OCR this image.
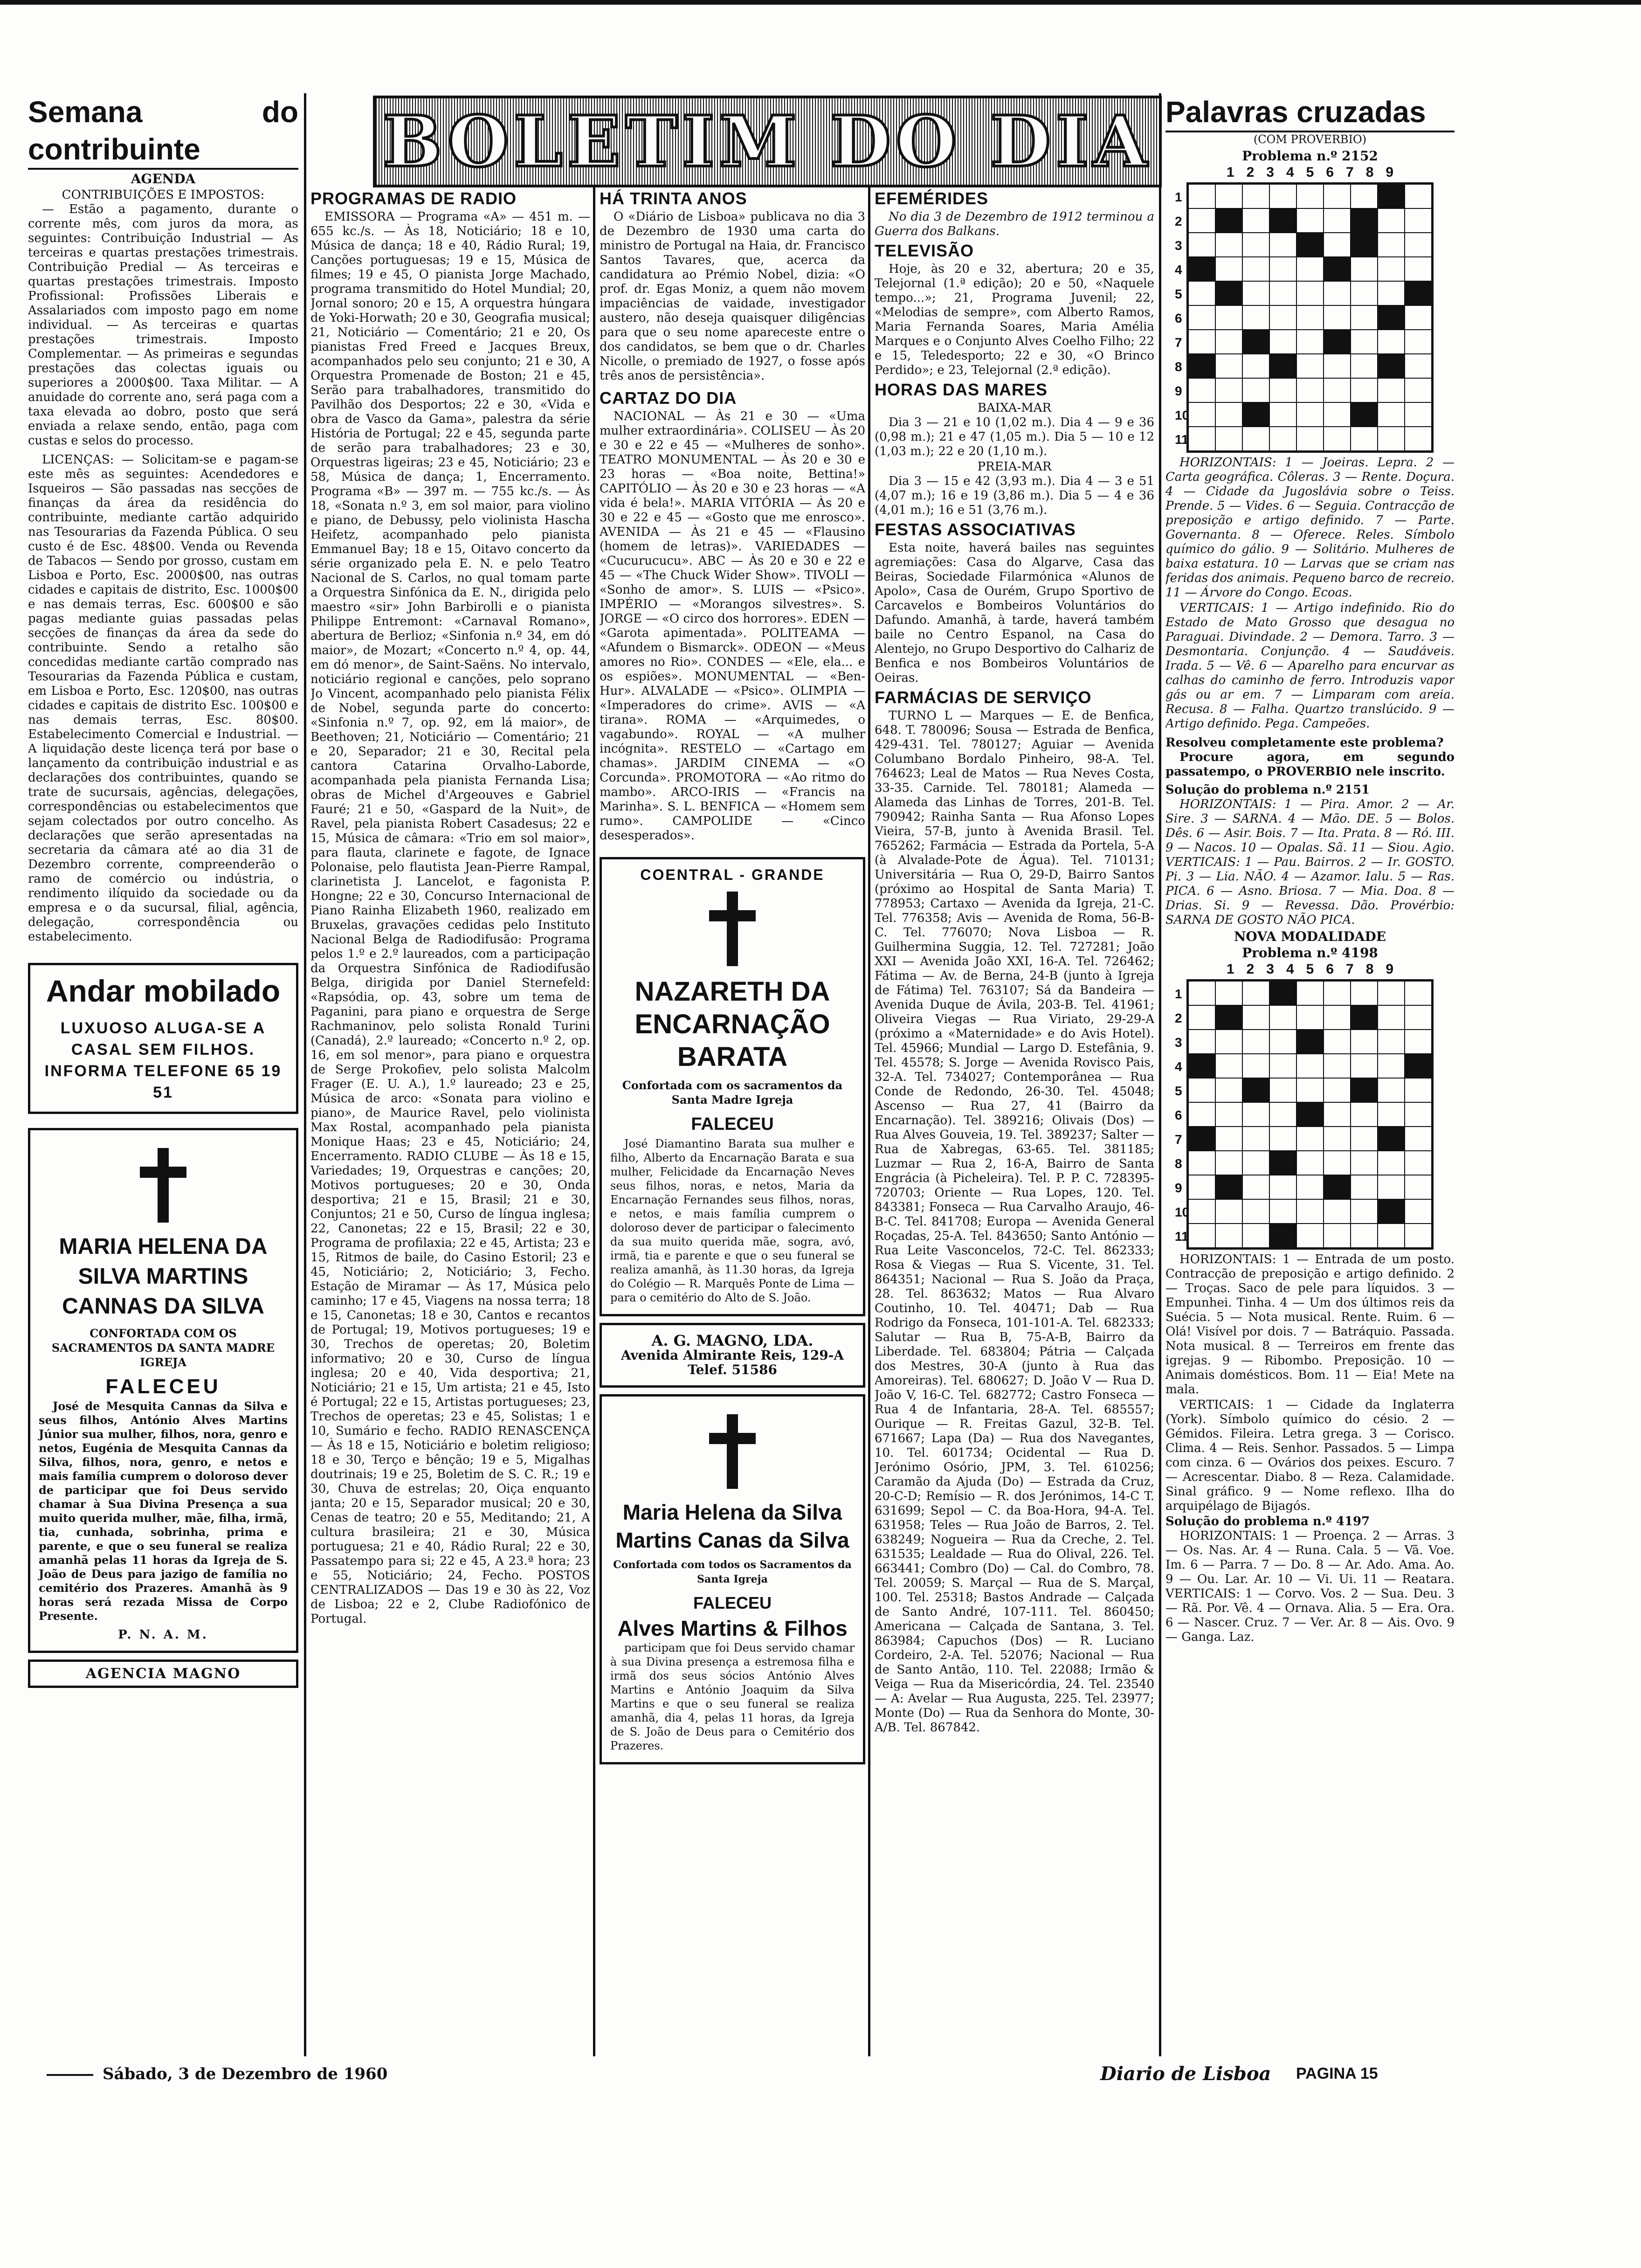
Semana do contribuinte
AGENDA
CONTRIBUIÇÕES E IMPOSTOS:

— Estão a pagamento, durante o corrente mês, com juros da mora, as seguintes: Contribuição Industrial — As terceiras e quartas prestações trimestrais. Contribuição Predial — As terceiras e quartas prestações trimestrais. Imposto Profissional: Profissões Liberais e Assalariados com imposto pago em nome individual. — As terceiras e quartas prestações trimestrais. Imposto Complementar. — As primeiras e segundas prestações das colectas iguais ou superiores a 2000$00. Taxa Militar. — A anuidade do corrente ano, será paga com a taxa elevada ao dobro, posto que será enviada a relaxe sendo, então, paga com custas e selos do processo.

LICENÇAS: — Solicitam-se e pagam-se este mês as seguintes: Acendedores e Isqueiros — São passadas nas secções de finanças da área da residência do contribuinte, mediante cartão adquirido nas Tesourarias da Fazenda Pública. O seu custo é de Esc. 48$00. Venda ou Revenda de Tabacos — Sendo por grosso, custam em Lisboa e Porto, Esc. 2000$00, nas outras cidades e capitais de distrito, Esc. 1000$00 e nas demais terras, Esc. 600$00 e são pagas mediante guias passadas pelas secções de finanças da área da sede do contribuinte. Sendo a retalho são concedidas mediante cartão comprado nas Tesourarias da Fazenda Pública e custam, em Lisboa e Porto, Esc. 120$00, nas outras cidades e capitais de distrito Esc. 100$00 e nas demais terras, Esc. 80$00. Estabelecimento Comercial e Industrial. — A liquidação deste licença terá por base o lançamento da contribuição industrial e as declarações dos contribuintes, quando se trate de sucursais, agências, delegações, correspondências ou estabelecimentos que sejam colectados por outro concelho. As declarações que serão apresentadas na secretaria da câmara até ao dia 31 de Dezembro corrente, compreenderão o ramo de comércio ou indústria, o rendimento ilíquido da sociedade ou da empresa e o da sucursal, filial, agência, delegação, correspondência ou estabelecimento.

Andar mobilado
LUXUOSO ALUGA-SE A CASAL SEM FILHOS. INFORMA TELEFONE 65 19 51
MARIA HELENA DA SILVA MARTINS CANNAS DA SILVA
CONFORTADA COM OS SACRAMENTOS DA SANTA MADRE IGREJA
FALECEU

José de Mesquita Cannas da Silva e seus filhos, António Alves Martins Júnior sua mulher, filhos, nora, genro e netos, Eugénia de Mesquita Cannas da Silva, filhos, nora, genro, e netos e mais família cumprem o doloroso dever de participar que foi Deus servido chamar à Sua Divina Presença a sua muito querida mulher, mãe, filha, irmã, tia, cunhada, sobrinha, prima e parente, e que o seu funeral se realiza amanhã pelas 11 horas da Igreja de S. João de Deus para jazigo de família no cemitério dos Prazeres. Amanhã às 9 horas será rezada Missa de Corpo Presente.

P. N. A. M.
AGENCIA MAGNO
BOLETIM DO DIA
PROGRAMAS DE RADIO

EMISSORA — Programa «A» — 451 m. — 655 kc./s. — Às 18, Noticiário; 18 e 10, Música de dança; 18 e 40, Rádio Rural; 19, Canções portuguesas; 19 e 15, Música de filmes; 19 e 45, O pianista Jorge Machado, programa transmitido do Hotel Mundial; 20, Jornal sonoro; 20 e 15, A orquestra húngara de Yoki-Horwath; 20 e 30, Geografia musical; 21, Noticiário — Comentário; 21 e 20, Os pianistas Fred Freed e Jacques Breux, acompanhados pelo seu conjunto; 21 e 30, A Orquestra Promenade de Boston; 21 e 45, Serão para trabalhadores, transmitido do Pavilhão dos Desportos; 22 e 30, «Vida e obra de Vasco da Gama», palestra da série História de Portugal; 22 e 45, segunda parte de serão para trabalhadores; 23 e 30, Orquestras ligeiras; 23 e 45, Noticiário; 23 e 58, Música de dança; 1, Encerramento. Programa «B» — 397 m. — 755 kc./s. — Às 18, «Sonata n.º 3, em sol maior, para violino e piano, de Debussy, pelo violinista Hascha Heifetz, acompanhado pelo pianista Emmanuel Bay; 18 e 15, Oitavo concerto da série organizado pela E. N. e pelo Teatro Nacional de S. Carlos, no qual tomam parte a Orquestra Sinfónica da E. N., dirigida pelo maestro «sir» John Barbirolli e o pianista Philippe Entremont: «Carnaval Romano», abertura de Berlioz; «Sinfonia n.º 34, em dó maior», de Mozart; «Concerto n.º 4, op. 44, em dó menor», de Saint-Saëns. No intervalo, noticiário regional e canções, pelo soprano Jo Vincent, acompanhado pelo pianista Félix de Nobel, segunda parte do concerto: «Sinfonia n.º 7, op. 92, em lá maior», de Beethoven; 21, Noticiário — Comentário; 21 e 20, Separador; 21 e 30, Recital pela cantora Catarina Orvalho-Laborde, acompanhada pela pianista Fernanda Lisa; obras de Michel d'Argeouves e Gabriel Fauré; 21 e 50, «Gaspard de la Nuit», de Ravel, pela pianista Robert Casadesus; 22 e 15, Música de câmara: «Trio em sol maior», para flauta, clarinete e fagote, de Ignace Polonaise, pelo flautista Jean-Pierre Rampal, clarinetista J. Lancelot, e fagonista P. Hongne; 22 e 30, Concurso Internacional de Piano Rainha Elizabeth 1960, realizado em Bruxelas, gravações cedidas pelo Instituto Nacional Belga de Radiodifusão: Programa pelos 1.º e 2.º laureados, com a participação da Orquestra Sinfónica de Radiodifusão Belga, dirigida por Daniel Sternefeld: «Rapsódia, op. 43, sobre um tema de Paganini, para piano e orquestra de Serge Rachmaninov, pelo solista Ronald Turini (Canadá), 2.º laureado; «Concerto n.º 2, op. 16, em sol menor», para piano e orquestra de Serge Prokofiev, pelo solista Malcolm Frager (E. U. A.), 1.º laureado; 23 e 25, Música de arco: «Sonata para violino e piano», de Maurice Ravel, pelo violinista Max Rostal, acompanhado pela pianista Monique Haas; 23 e 45, Noticiário; 24, Encerramento. RADIO CLUBE — Às 18 e 15, Variedades; 19, Orquestras e canções; 20, Motivos portugueses; 20 e 30, Onda desportiva; 21 e 15, Brasil; 21 e 30, Conjuntos; 21 e 50, Curso de língua inglesa; 22, Canonetas; 22 e 15, Brasil; 22 e 30, Programa de profilaxia; 22 e 45, Artista; 23 e 15, Ritmos de baile, do Casino Estoril; 23 e 45, Noticiário; 2, Noticiário; 3, Fecho. Estação de Miramar — Às 17, Música pelo caminho; 17 e 45, Viagens na nossa terra; 18 e 15, Canonetas; 18 e 30, Cantos e recantos de Portugal; 19, Motivos portugueses; 19 e 30, Trechos de operetas; 20, Boletim informativo; 20 e 30, Curso de língua inglesa; 20 e 40, Vida desportiva; 21, Noticiário; 21 e 15, Um artista; 21 e 45, Isto é Portugal; 22 e 15, Artistas portugueses; 23, Trechos de operetas; 23 e 45, Solistas; 1 e 10, Sumário e fecho. RADIO RENASCENÇA — Às 18 e 15, Noticiário e boletim religioso; 18 e 30, Terço e bênção; 19 e 5, Migalhas doutrinais; 19 e 25, Boletim de S. C. R.; 19 e 30, Chuva de estrelas; 20, Oiça enquanto janta; 20 e 15, Separador musical; 20 e 30, Cenas de teatro; 20 e 55, Meditando; 21, A cultura brasileira; 21 e 30, Música portuguesa; 21 e 40, Rádio Rural; 22 e 30, Passatempo para si; 22 e 45, A 23.ª hora; 23 e 55, Noticiário; 24, Fecho. POSTOS CENTRALIZADOS — Das 19 e 30 às 22, Voz de Lisboa; 22 e 2, Clube Radiofónico de Portugal.

HÁ TRINTA ANOS

O «Diário de Lisboa» publicava no dia 3 de Dezembro de 1930 uma carta do ministro de Portugal na Haia, dr. Francisco Santos Tavares, que, acerca da candidatura ao Prémio Nobel, dizia: «O prof. dr. Egas Moniz, a quem não movem impaciências de vaidade, investigador austero, não deseja quaisquer diligências para que o seu nome apareceste entre o dos candidatos, se bem que o dr. Charles Nicolle, o premiado de 1927, o fosse após três anos de persistência».

CARTAZ DO DIA

NACIONAL — Às 21 e 30 — «Uma mulher extraordinária». COLISEU — Às 20 e 30 e 22 e 45 — «Mulheres de sonho». TEATRO MONUMENTAL — Às 20 e 30 e 23 horas — «Boa noite, Bettina!» CAPITÓLIO — Às 20 e 30 e 23 horas — «A vida é bela!». MARIA VITÓRIA — Às 20 e 30 e 22 e 45 — «Gosto que me enrosco». AVENIDA — Às 21 e 45 — «Flausino (homem de letras)». VARIEDADES — «Cucurucucu». ABC — Às 20 e 30 e 22 e 45 — «The Chuck Wider Show». TIVOLI — «Sonho de amor». S. LUIS — «Psico». IMPÉRIO — «Morangos silvestres». S. JORGE — «O circo dos horrores». EDEN — «Garota apimentada». POLITEAMA — «Afundem o Bismarck». ODEON — «Meus amores no Rio». CONDES — «Ele, ela... e os espiões». MONUMENTAL — «Ben-Hur». ALVALADE — «Psico». OLIMPIA — «Imperadores do crime». AVIS — «A tirana». ROMA — «Arquimedes, o vagabundo». ROYAL — «A mulher incógnita». RESTELO — «Cartago em chamas». JARDIM CINEMA — «O Corcunda». PROMOTORA — «Ao ritmo do mambo». ARCO-IRIS — «Francis na Marinha». S. L. BENFICA — «Homem sem rumo». CAMPOLIDE — «Cinco desesperados».

COENTRAL - GRANDE
NAZARETH DA ENCARNAÇÃO BARATA
Confortada com os sacramentos da Santa Madre Igreja
FALECEU

José Diamantino Barata sua mulher e filho, Alberto da Encarnação Barata e sua mulher, Felicidade da Encarnação Neves seus filhos, noras, e netos, Maria da Encarnação Fernandes seus filhos, noras, e netos, e mais família cumprem o doloroso dever de participar o falecimento da sua muito querida mãe, sogra, avó, irmã, tia e parente e que o seu funeral se realiza amanhã, às 11.30 horas, da Igreja do Colégio — R. Marquês Ponte de Lima — para o cemitério do Alto de S. João.

A. G. MAGNO, LDA.
Avenida Almirante Reis, 129-A
Telef. 51586
Maria Helena da Silva Martins Canas da Silva
Confortada com todos os Sacramentos da Santa Igreja
FALECEU
Alves Martins & Filhos

participam que foi Deus servido chamar à sua Divina presença a estremosa filha e irmã dos seus sócios António Alves Martins e António Joaquim da Silva Martins e que o seu funeral se realiza amanhã, dia 4, pelas 11 horas, da Igreja de S. João de Deus para o Cemitério dos Prazeres.

EFEMÉRIDES

No dia 3 de Dezembro de 1912 terminou a Guerra dos Balkans.

TELEVISÃO

Hoje, às 20 e 32, abertura; 20 e 35, Telejornal (1.ª edição); 20 e 50, «Naquele tempo...»; 21, Programa Juvenil; 22, «Melodias de sempre», com Alberto Ramos, Maria Fernanda Soares, Maria Amélia Marques e o Conjunto Alves Coelho Filho; 22 e 15, Teledesporto; 22 e 30, «O Brinco Perdido»; e 23, Telejornal (2.ª edição).

HORAS DAS MARES
BAIXA-MAR

Dia 3 — 21 e 10 (1,02 m.). Dia 4 — 9 e 36 (0,98 m.); 21 e 47 (1,05 m.). Dia 5 — 10 e 12 (1,03 m.); 22 e 20 (1,10 m.).

PREIA-MAR

Dia 3 — 15 e 42 (3,93 m.). Dia 4 — 3 e 51 (4,07 m.); 16 e 19 (3,86 m.). Dia 5 — 4 e 36 (4,01 m.); 16 e 51 (3,76 m.).

FESTAS ASSOCIATIVAS

Esta noite, haverá bailes nas seguintes agremiações: Casa do Algarve, Casa das Beiras, Sociedade Filarmónica «Alunos de Apolo», Casa de Ourém, Grupo Sportivo de Carcavelos e Bombeiros Voluntários do Dafundo. Amanhã, à tarde, haverá também baile no Centro Espanol, na Casa do Alentejo, no Grupo Desportivo do Calhariz de Benfica e nos Bombeiros Voluntários de Oeiras.

FARMÁCIAS DE SERVIÇO

TURNO L — Marques — E. de Benfica, 648. T. 780096; Sousa — Estrada de Benfica, 429-431. Tel. 780127; Aguiar — Avenida Columbano Bordalo Pinheiro, 98-A. Tel. 764623; Leal de Matos — Rua Neves Costa, 33-35. Carnide. Tel. 780181; Alameda — Alameda das Linhas de Torres, 201-B. Tel. 790942; Rainha Santa — Rua Afonso Lopes Vieira, 57-B, junto à Avenida Brasil. Tel. 765262; Farmácia — Estrada da Portela, 5-A (à Alvalade-Pote de Água). Tel. 710131; Universitária — Rua O, 29-D, Bairro Santos (próximo ao Hospital de Santa Maria) T. 778953; Cartaxo — Avenida da Igreja, 21-C. Tel. 776358; Avis — Avenida de Roma, 56-B-C. Tel. 776070; Nova Lisboa — R. Guilhermina Suggia, 12. Tel. 727281; João XXI — Avenida João XXI, 16-A. Tel. 726462; Fátima — Av. de Berna, 24-B (junto à Igreja de Fátima) Tel. 763107; Sá da Bandeira — Avenida Duque de Ávila, 203-B. Tel. 41961; Oliveira Viegas — Rua Viriato, 29-29-A (próximo a «Maternidade» e do Avis Hotel). Tel. 45966; Mundial — Largo D. Estefânia, 9. Tel. 45578; S. Jorge — Avenida Rovisco Pais, 32-A. Tel. 734027; Contemporânea — Rua Conde de Redondo, 26-30. Tel. 45048; Ascenso — Rua 27, 41 (Bairro da Encarnação). Tel. 389216; Olivais (Dos) — Rua Alves Gouveia, 19. Tel. 389237; Salter — Rua de Xabregas, 63-65. Tel. 381185; Luzmar — Rua 2, 16-A, Bairro de Santa Engrácia (à Picheleira). Tel. P. P. C. 728395-720703; Oriente — Rua Lopes, 120. Tel. 843381; Fonseca — Rua Carvalho Araujo, 46-B-C. Tel. 841708; Europa — Avenida General Roçadas, 25-A. Tel. 843650; Santo António — Rua Leite Vasconcelos, 72-C. Tel. 862333; Rosa & Viegas — Rua S. Vicente, 31. Tel. 864351; Nacional — Rua S. João da Praça, 28. Tel. 863632; Matos — Rua Alvaro Coutinho, 10. Tel. 40471; Dab — Rua Rodrigo da Fonseca, 101-101-A. Tel. 682333; Salutar — Rua B, 75-A-B, Bairro da Liberdade. Tel. 683804; Pátria — Calçada dos Mestres, 30-A (junto à Rua das Amoreiras). Tel. 680627; D. João V — Rua D. João V, 16-C. Tel. 682772; Castro Fonseca — Rua 4 de Infantaria, 28-A. Tel. 685557; Ourique — R. Freitas Gazul, 32-B. Tel. 671667; Lapa (Da) — Rua dos Navegantes, 10. Tel. 601734; Ocidental — Rua D. Jerónimo Osório, JPM, 3. Tel. 610256; Caramão da Ajuda (Do) — Estrada da Cruz, 20-C-D; Remísio — R. dos Jerónimos, 14-C T. 631699; Sepol — C. da Boa-Hora, 94-A. Tel. 631958; Teles — Rua João de Barros, 2. Tel. 638249; Nogueira — Rua da Creche, 2. Tel. 631535; Lealdade — Rua do Olival, 226. Tel. 663441; Combro (Do) — Cal. do Combro, 78. Tel. 20059; S. Marçal — Rua de S. Marçal, 100. Tel. 25318; Bastos Andrade — Calçada de Santo André, 107-111. Tel. 860450; Americana — Calçada de Santana, 3. Tel. 863984; Capuchos (Dos) — R. Luciano Cordeiro, 2-A. Tel. 52076; Nacional — Rua de Santo Antão, 110. Tel. 22088; Irmão & Veiga — Rua da Misericórdia, 24. Tel. 23540 — A: Avelar — Rua Augusta, 225. Tel. 23977; Monte (Do) — Rua da Senhora do Monte, 30-A/B. Tel. 867842.

Palavras cruzadas
(COM PROVERBIO)
Problema n.º 2152
1 2 3 4 5 6 7 8 9
1
2
3
4
5
6
7
8
9
10
11

HORIZONTAIS: 1 — Joeiras. Lepra. 2 — Carta geográfica. Côleras. 3 — Rente. Doçura. 4 — Cidade da Jugoslávia sobre o Teiss. Prende. 5 — Vides. 6 — Seguia. Contracção de preposição e artigo definido. 7 — Parte. Governanta. 8 — Oferece. Reles. Símbolo químico do gálio. 9 — Solitário. Mulheres de baixa estatura. 10 — Larvas que se criam nas feridas dos animais. Pequeno barco de recreio. 11 — Árvore do Congo. Ecoas.

VERTICAIS: 1 — Artigo indefinido. Rio do Estado de Mato Grosso que desagua no Paraguai. Divindade. 2 — Demora. Tarro. 3 — Desmontaria. Conjunção. 4 — Saudáveis. Irada. 5 — Vê. 6 — Aparelho para encurvar as calhas do caminho de ferro. Introduzis vapor gás ou ar em. 7 — Limparam com areia. Recusa. 8 — Falha. Quartzo translúcido. 9 — Artigo definido. Pega. Campeões.

Resolveu completamente este problema?

Procure agora, em segundo passatempo, o PROVERBIO nele inscrito.

Solução do problema n.º 2151

HORIZONTAIS: 1 — Pira. Amor. 2 — Ar. Sire. 3 — SARNA. 4 — Mão. DE. 5 — Bolos. Dês. 6 — Asir. Bois. 7 — Ita. Prata. 8 — Ró. III. 9 — Nacos. 10 — Opalas. Sã. 11 — Siou. Agio. VERTICAIS: 1 — Pau. Bairros. 2 — Ir. GOSTO. Pi. 3 — Lia. NÃO. 4 — Azamor. Ialu. 5 — Ras. PICA. 6 — Asno. Briosa. 7 — Mia. Doa. 8 — Drias. Si. 9 — Revessa. Dão. Provérbio: SARNA DE GOSTO NÃO PICA.

NOVA MODALIDADE
Problema n.º 4198
1 2 3 4 5 6 7 8 9
1
2
3
4
5
6
7
8
9
10
11

HORIZONTAIS: 1 — Entrada de um posto. Contracção de preposição e artigo definido. 2 — Troças. Saco de pele para líquidos. 3 — Empunhei. Tinha. 4 — Um dos últimos reis da Suécia. 5 — Nota musical. Rente. Ruim. 6 — Olá! Visível por dois. 7 — Batráquio. Passada. Nota musical. 8 — Terreiros em frente das igrejas. 9 — Ribombo. Preposição. 10 — Animais domésticos. Bom. 11 — Eia! Mete na mala.

VERTICAIS: 1 — Cidade da Inglaterra (York). Símbolo químico do césio. 2 — Gémidos. Fileira. Letra grega. 3 — Corisco. Clima. 4 — Reis. Senhor. Passados. 5 — Limpa com cinza. 6 — Ovários dos peixes. Escuro. 7 — Acrescentar. Diabo. 8 — Reza. Calamidade. Sinal gráfico. 9 — Nome reflexo. Ilha do arquipélago de Bijagós.

Solução do problema n.º 4197

HORIZONTAIS: 1 — Proença. 2 — Arras. 3 — Os. Nas. Ar. 4 — Runa. Cala. 5 — Vã. Voe. Im. 6 — Parra. 7 — Do. 8 — Ar. Ado. Ama. Ao. 9 — Ou. Lar. Ar. 10 — Vi. Ui. 11 — Reatara. VERTICAIS: 1 — Corvo. Vos. 2 — Sua. Deu. 3 — Rã. Por. Vê. 4 — Ornava. Alia. 5 — Era. Ora. 6 — Nascer. Cruz. 7 — Ver. Ar. 8 — Ais. Ovo. 9 — Ganga. Laz.

Sábado, 3 de Dezembro de 1960	Diario de Lisboa PAGINA 15
